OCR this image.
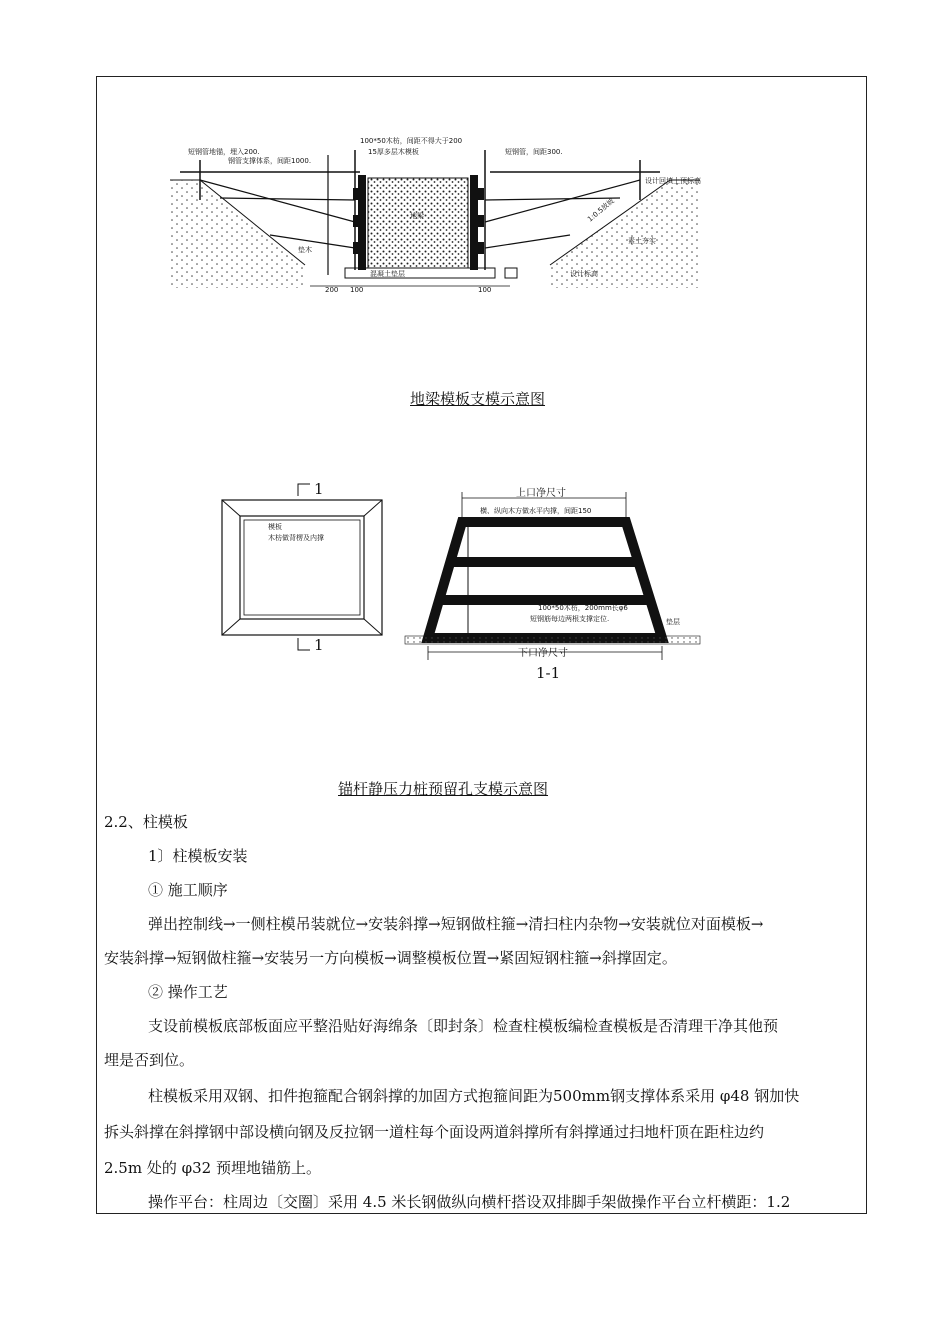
短钢管地锚，埋入200.
钢管支撑体系，间距1000.
100*50木枋，间距不得大于200
15厚多层木模板	短钢管，间距300.
设计回填土顶标高
1:0.5放坡
素土夯实
地梁
垫木
混凝土垫层	设计标高
200 100	100
地梁模板支模示意图
1
1
模板
木枋做背楞及内撑
上口净尺寸
横、纵向木方做水平内撑，间距150
100*50木枋，200mm长φ6
短钢筋每边两根支撑定位.	垫层
下口净尺寸
1-1
锚杆静压力桩预留孔支模示意图
2.2、柱模板
1〕柱模板安装
① 施工顺序
弹出控制线→一侧柱模吊装就位→安装斜撑→短钢做柱箍→清扫柱内杂物→安装就位对面模板→
安装斜撑→短钢做柱箍→安装另一方向模板→调整模板位置→紧固短钢柱箍→斜撑固定。
② 操作工艺
支设前模板底部板面应平整沿贴好海绵条〔即封条〕检查柱模板编检查模板是否清理干净其他预
埋是否到位。
柱模板采用双钢、扣件抱箍配合钢斜撑的加固方式抱箍间距为500mm钢支撑体系采用 φ48 钢加快
拆头斜撑在斜撑钢中部设横向钢及反拉钢一道柱每个面设两道斜撑所有斜撑通过扫地杆顶在距柱边约
2.5m 处的 φ32 预埋地锚筋上。
操作平台：柱周边〔交圈〕采用 4.5 米长钢做纵向横杆搭设双排脚手架做操作平台立杆横距：1.2
